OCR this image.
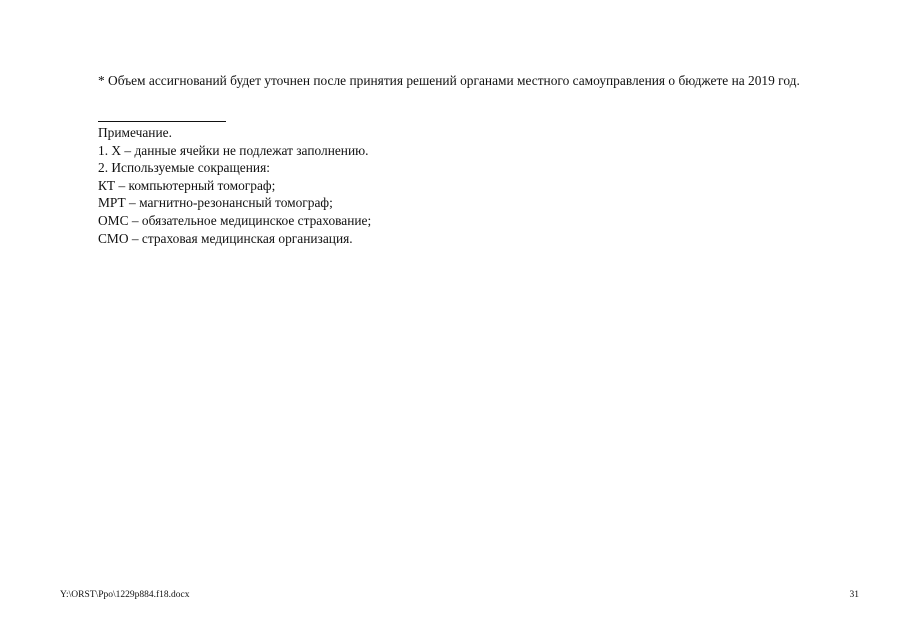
* Объем ассигнований будет уточнен после принятия решений органами местного самоуправления о бюджете на 2019 год.

Примечание.
1. Х – данные ячейки не подлежат заполнению.
2. Используемые сокращения:
КТ – компьютерный томограф;
МРТ – магнитно-резонансный томограф;
ОМС – обязательное медицинское страхование;
СМО – страховая медицинская организация.
Y:\ORST\Ppo\1229p884.f18.docx	31
